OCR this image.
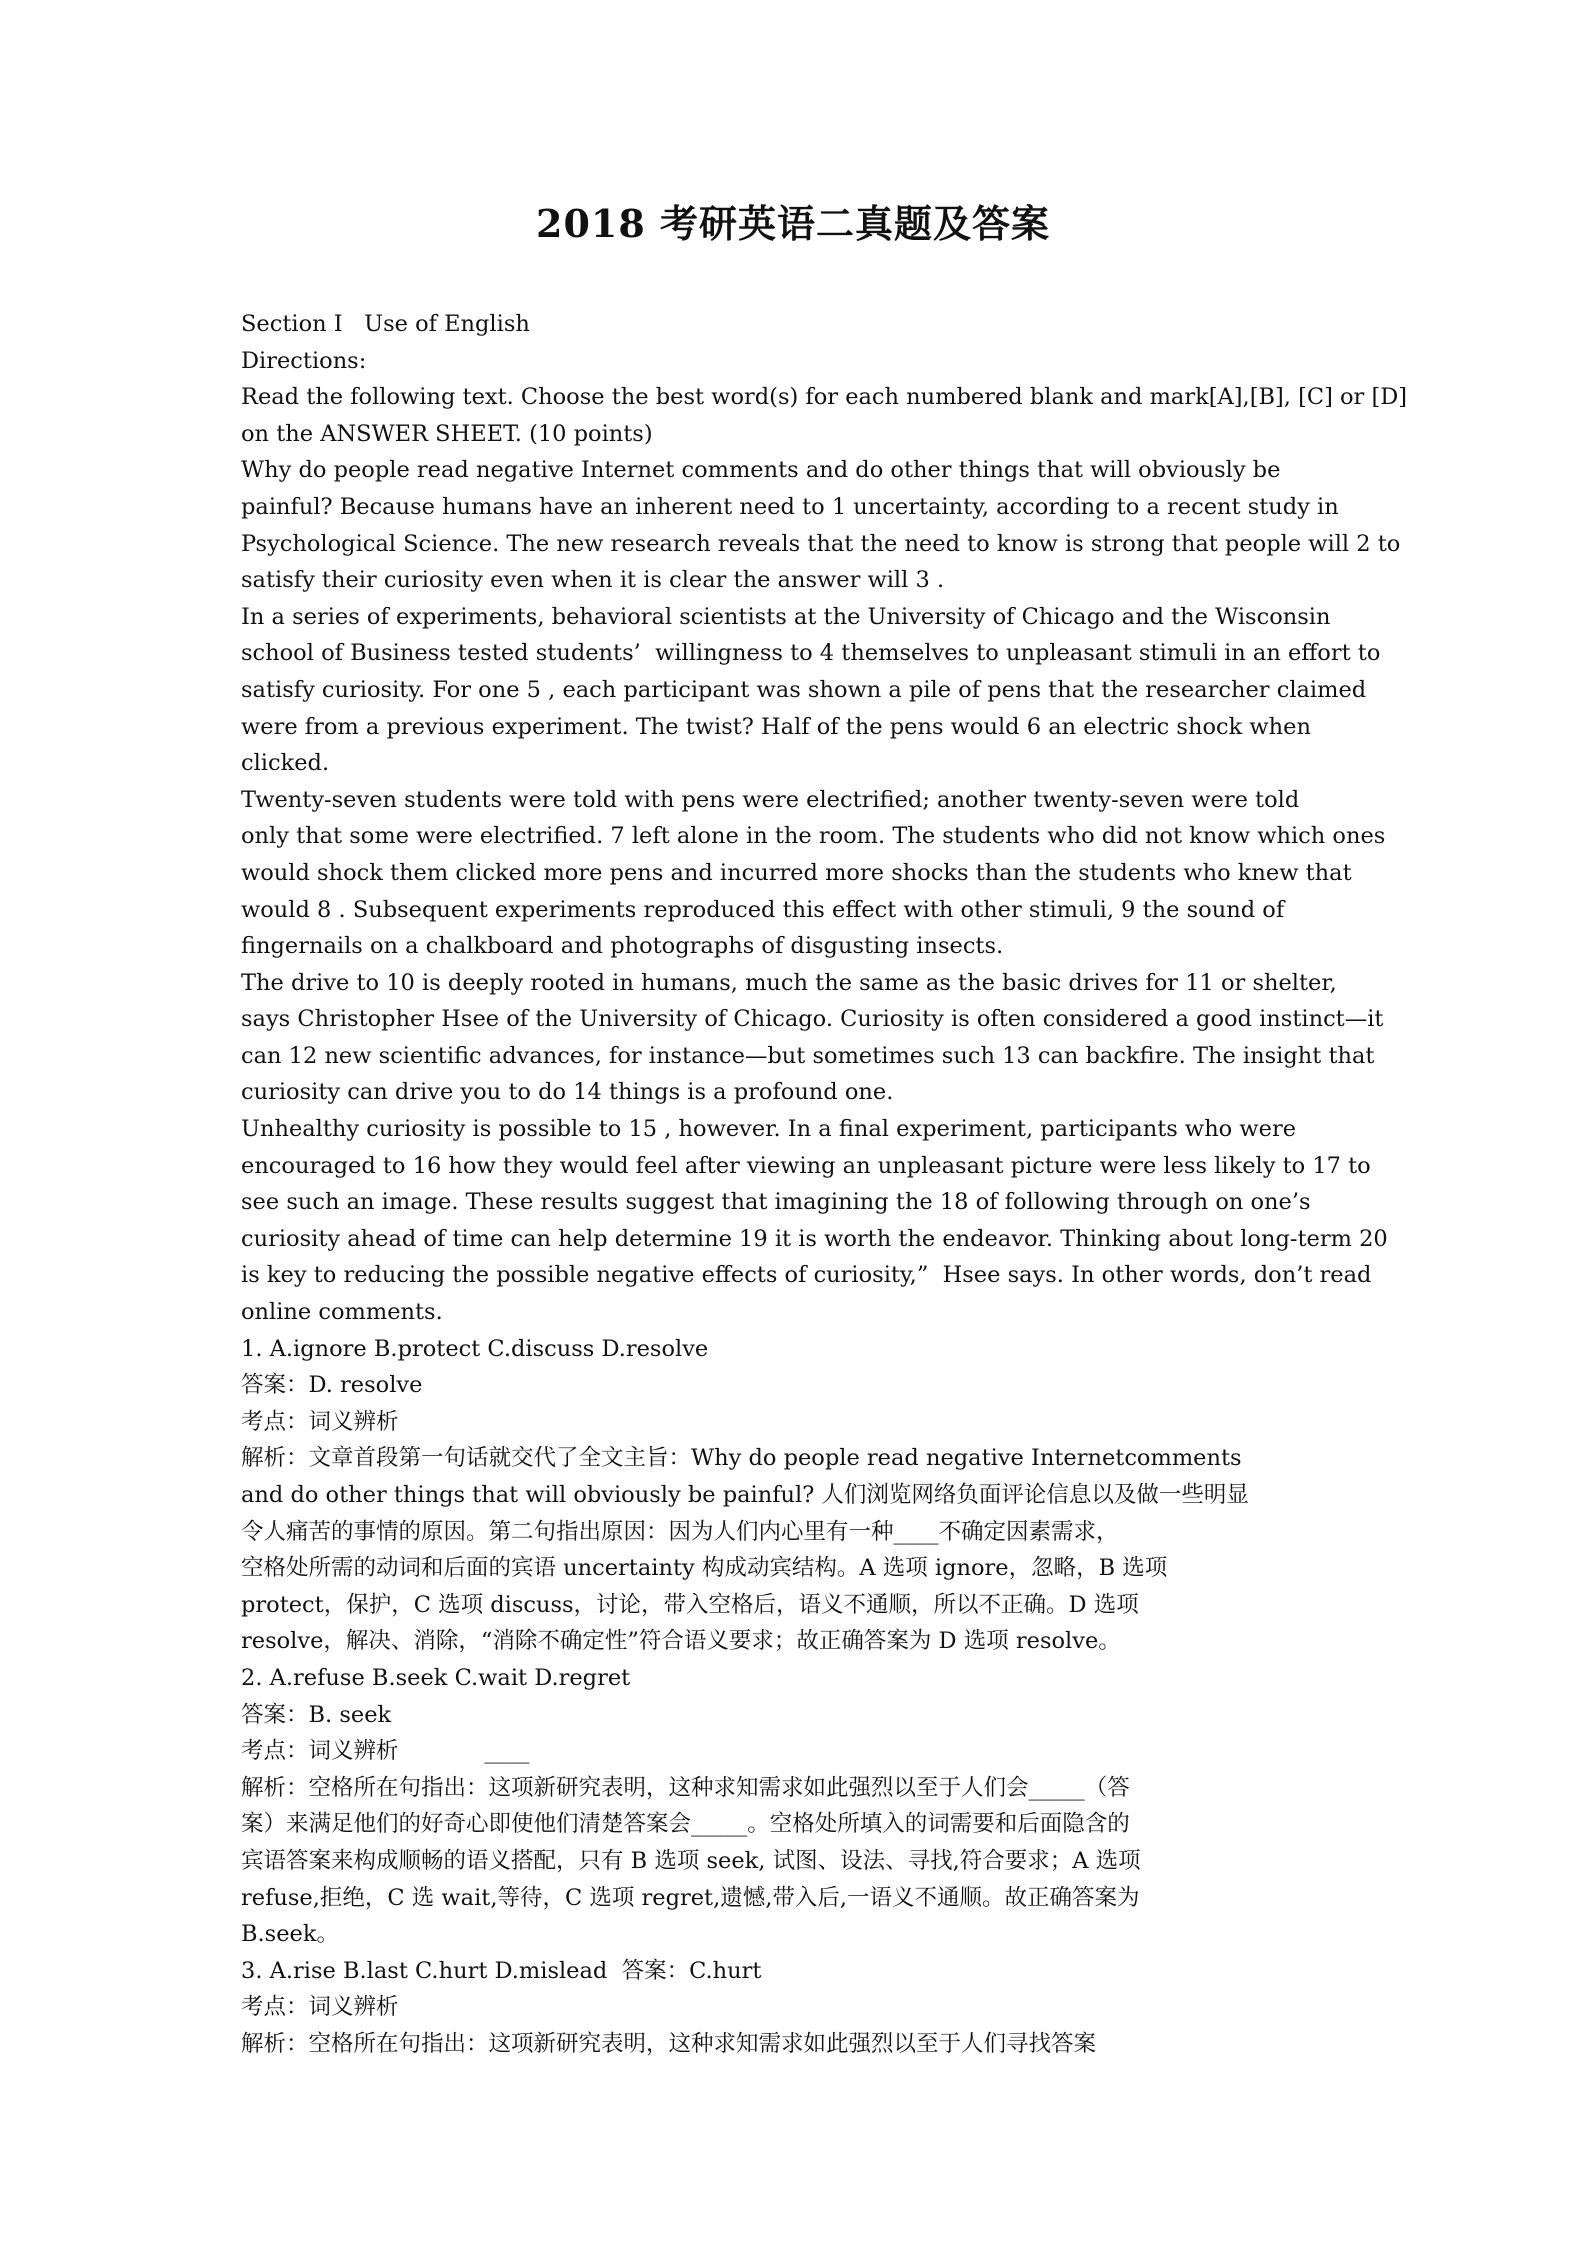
2018 考研英语二真题及答案
Section I   Use of English
Directions:
Read the following text. Choose the best word(s) for each numbered blank and mark[A],[B], [C] or [D]
on the ANSWER SHEET. (10 points)
Why do people read negative Internet comments and do other things that will obviously be
painful? Because humans have an inherent need to 1 uncertainty, according to a recent study in
Psychological Science. The new research reveals that the need to know is strong that people will 2 to
satisfy their curiosity even when it is clear the answer will 3 .
In a series of experiments, behavioral scientists at the University of Chicago and the Wisconsin
school of Business tested students’  willingness to 4 themselves to unpleasant stimuli in an effort to
satisfy curiosity. For one 5 , each participant was shown a pile of pens that the researcher claimed
were from a previous experiment. The twist? Half of the pens would 6 an electric shock when
clicked.
Twenty-seven students were told with pens were electrified; another twenty-seven were told
only that some were electrified. 7 left alone in the room. The students who did not know which ones
would shock them clicked more pens and incurred more shocks than the students who knew that
would 8 . Subsequent experiments reproduced this effect with other stimuli, 9 the sound of
fingernails on a chalkboard and photographs of disgusting insects.
The drive to 10 is deeply rooted in humans, much the same as the basic drives for 11 or shelter,
says Christopher Hsee of the University of Chicago. Curiosity is often considered a good instinct—it
can 12 new scientific advances, for instance—but sometimes such 13 can backfire. The insight that
curiosity can drive you to do 14 things is a profound one.
Unhealthy curiosity is possible to 15 , however. In a final experiment, participants who were
encouraged to 16 how they would feel after viewing an unpleasant picture were less likely to 17 to
see such an image. These results suggest that imagining the 18 of following through on one’s
curiosity ahead of time can help determine 19 it is worth the endeavor. Thinking about long-term 20
is key to reducing the possible negative effects of curiosity,”  Hsee says. In other words, don’t read
online comments.
1. A.ignore B.protect C.discuss D.resolve
答案：D. resolve
考点：词义辨析
解析：文章首段第一句话就交代了全文主旨：Why do people read negative Internetcomments
and do other things that will obviously be painful? 人们浏览网络负面评论信息以及做一些明显
令人痛苦的事情的原因。第二句指出原因：因为人们内心里有一种____不确定因素需求，
空格处所需的动词和后面的宾语 uncertainty 构成动宾结构。A 选项 ignore，忽略，B 选项
protect，保护，C 选项 discuss，讨论，带入空格后，语义不通顺，所以不正确。D 选项
resolve，解决、消除，“消除不确定性”符合语义要求；故正确答案为 D 选项 resolve。
2. A.refuse B.seek C.wait D.regret
答案：B. seek
考点：词义辨析            ____
解析：空格所在句指出：这项新研究表明，这种求知需求如此强烈以至于人们会_____（答
案）来满足他们的好奇心即使他们清楚答案会_____。空格处所填入的词需要和后面隐含的
宾语答案来构成顺畅的语义搭配，只有 B 选项 seek, 试图、设法、寻找,符合要求；A 选项
refuse,拒绝，C 选 wait,等待，C 选项 regret,遗憾,带入后,一语义不通顺。故正确答案为
B.seek。
3. A.rise B.last C.hurt D.mislead  答案：C.hurt
考点：词义辨析
解析：空格所在句指出：这项新研究表明，这种求知需求如此强烈以至于人们寻找答案
